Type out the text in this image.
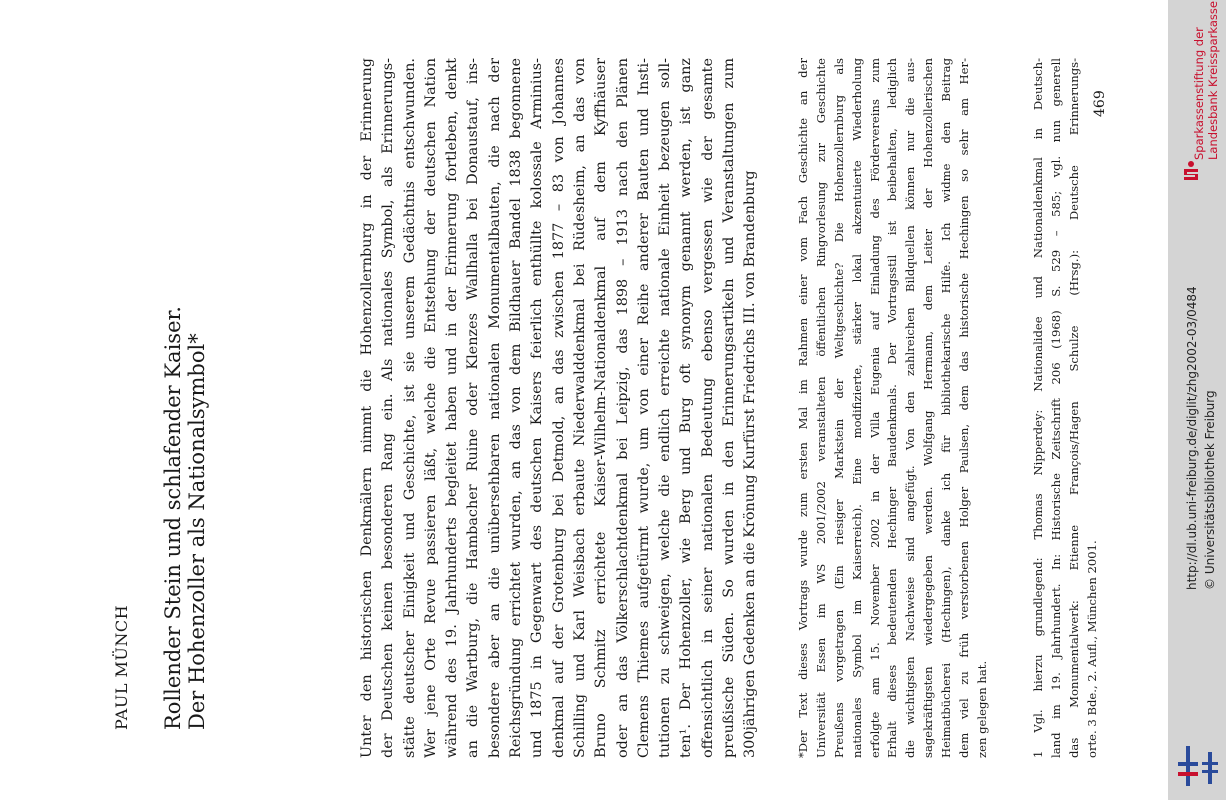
PAUL MÜNCH Rollender Stein und schlafender Kaiser. Der Hohenzoller als Nationalsymbol*	Unter den historischen Denkmälern nimmt die Hohenzollernburg in der Erinnerung der Deutschen keinen besonderen Rang ein. Als nationales Symbol, als Erinnerungs- stätte deutscher Einigkeit und Geschichte, ist sie unserem Gedächtnis entschwunden. Wer jene Orte Revue passieren läßt, welche die Entstehung der deutschen Nation während des 19. Jahrhunderts begleitet haben und in der Erinnerung fortleben, denkt an die Wartburg, die Hambacher Ruine oder Klenzes Wallhalla bei Donaustauf, ins- besondere aber an die unübersehbaren nationalen Monumentalbauten, die nach der Reichsgründung errichtet wurden, an das von dem Bildhauer Bandel 1838 begonnene und 1875 in Gegenwart des deutschen Kaisers feierlich enthüllte kolossale Arminius- denkmal auf der Grotenburg bei Detmold, an das zwischen 1877 – 83 von Johannes Schilling und Karl Weisbach erbaute Niederwalddenkmal bei Rüdesheim, an das von Bruno Schmitz errichtete Kaiser-Wilhelm-Nationaldenkmal auf dem Kyffhäuser oder an das Völkerschlachtdenkmal bei Leipzig, das 1898 – 1913 nach den Plänen Clemens Thiemes aufgetürmt wurde, um von einer Reihe anderer Bauten und Insti- tutionen zu schweigen, welche die endlich erreichte nationale Einheit bezeugen soll- ten¹. Der Hohenzoller, wie Berg und Burg oft synonym genannt werden, ist ganz offensichtlich in seiner nationalen Bedeutung ebenso vergessen wie der gesamte preußische Süden. So wurden in den Erinnerungsartikeln und Veranstaltungen zum 300jährigen Gedenken an die Krönung Kurfürst Friedrichs III. von Brandenburg	*Der Text dieses Vortrags wurde zum ersten Mal im Rahmen einer vom Fach Geschichte an der Universität Essen im WS 2001/2002 veranstalteten öffentlichen Ringvorlesung zur Geschichte Preußens vorgetragen (Ein riesiger Markstein der Weltgeschichte? Die Hohenzollernburg als nationales Symbol im Kaiserreich). Eine modifizierte, stärker lokal akzentuierte Wiederholung erfolgte am 15. November 2002 in der Villa Eugenia auf Einladung des Fördervereins zum Erhalt dieses bedeutenden Hechinger Baudenkmals. Der Vortragsstil ist beibehalten, lediglich die wichtigsten Nachweise sind angefügt. Von den zahlreichen Bildquellen können nur die aus- sagekräftigsten wiedergegeben werden. Wolfgang Hermann, dem Leiter der Hohenzollerischen Heimatbücherei (Hechingen), danke ich für bibliothekarische Hilfe. Ich widme den Beitrag dem viel zu früh verstorbenen Holger Paulsen, dem das historische Hechingen so sehr am Her- zen gelegen hat.	1 Vgl. hierzu grundlegend: Thomas Nipperdey: Nationalidee und Nationaldenkmal in Deutsch- land im 19. Jahrhundert. In: Historische Zeitschrift 206 (1968) S. 529 – 585; vgl. nun generell das Monumentalwerk: Etienne François/Hagen Schulze (Hrsg.): Deutsche Erinnerungs- orte. 3 Bde., 2. Aufl., München 2001.
469	Sparkassenstiftung der Landesbank Kreissparkasse
http://dl.ub.uni-freiburg.de/diglit/zhg2002-03/0484 © Universitätsbibliothek Freiburg
